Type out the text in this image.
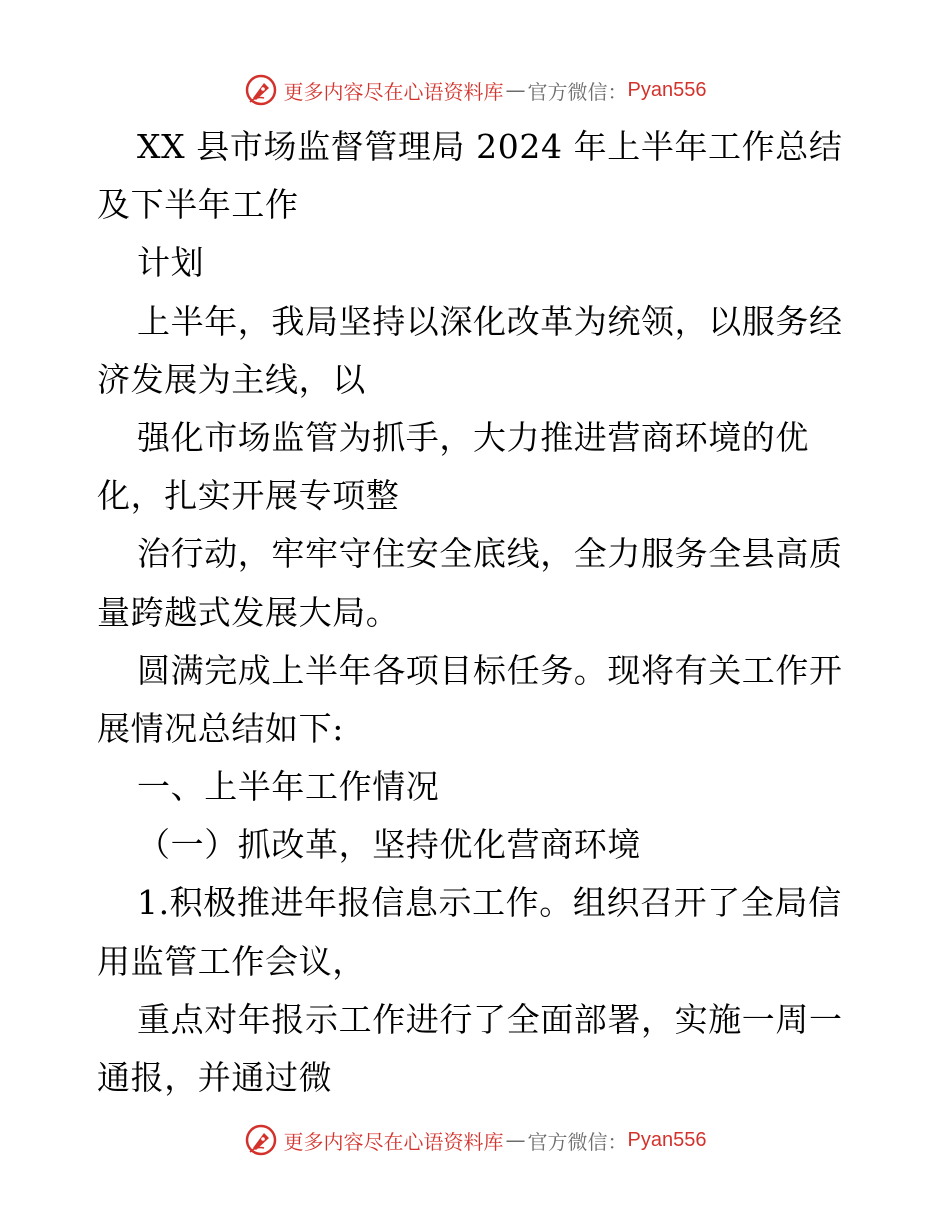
更多内容尽在心语资料库 — 官方微信： Pyan556

XX 县市场监督管理局 2024 年上半年工作总结

及下半年工作

计划

上半年，我局坚持以深化改革为统领，以服务经

济发展为主线，以

强化市场监管为抓手，大力推进营商环境的优

化，扎实开展专项整

治行动，牢牢守住安全底线，全力服务全县高质

量跨越式发展大局。

圆满完成上半年各项目标任务。现将有关工作开

展情况总结如下:

一、上半年工作情况

（一）抓改革，坚持优化营商环境

1.积极推进年报信息示工作。组织召开了全局信

用监管工作会议，

重点对年报示工作进行了全面部署，实施一周一

通报，并通过微

更多内容尽在心语资料库 — 官方微信： Pyan556
